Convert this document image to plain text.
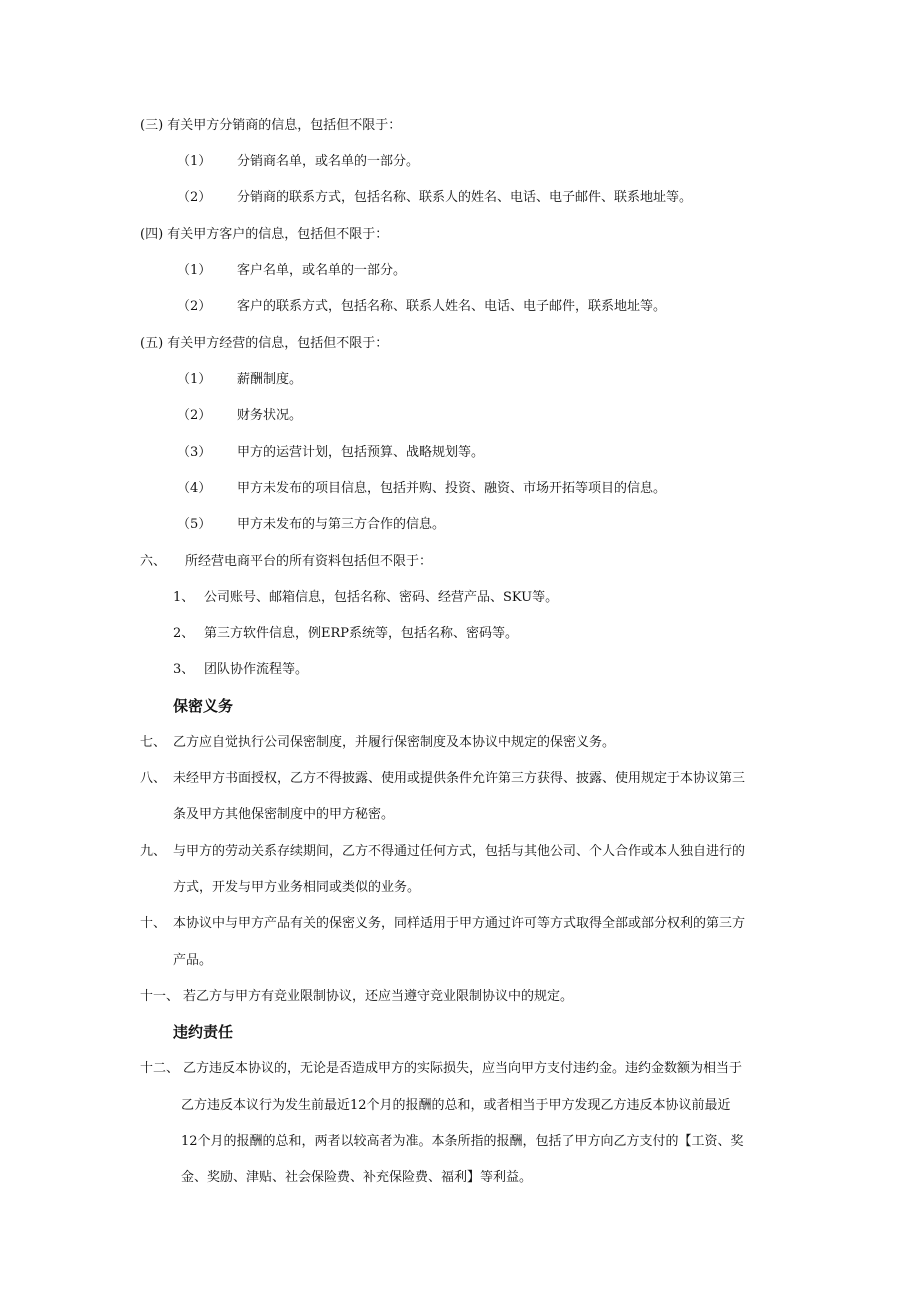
(三) 有关甲方分销商的信息，包括但不限于：
（1） 分销商名单，或名单的一部分。
（2） 分销商的联系方式，包括名称、联系人的姓名、电话、电子邮件、联系地址等。
(四) 有关甲方客户的信息，包括但不限于：
（1） 客户名单，或名单的一部分。
（2） 客户的联系方式，包括名称、联系人姓名、电话、电子邮件，联系地址等。
(五) 有关甲方经营的信息，包括但不限于：
（1） 薪酬制度。
（2） 财务状况。
（3） 甲方的运营计划，包括预算、战略规划等。
（4） 甲方未发布的项目信息，包括并购、投资、融资、市场开拓等项目的信息。
（5） 甲方未发布的与第三方合作的信息。
六、 所经营电商平台的所有资料包括但不限于：
1、 公司账号、邮箱信息，包括名称、密码、经营产品、SKU等。
2、 第三方软件信息，例ERP系统等，包括名称、密码等。
3、 团队协作流程等。
保密义务
七、 乙方应自觉执行公司保密制度，并履行保密制度及本协议中规定的保密义务。
八、 未经甲方书面授权，乙方不得披露、使用或提供条件允许第三方获得、披露、使用规定于本协议第三
条及甲方其他保密制度中的甲方秘密。
九、 与甲方的劳动关系存续期间，乙方不得通过任何方式，包括与其他公司、个人合作或本人独自进行的
方式，开发与甲方业务相同或类似的业务。
十、 本协议中与甲方产品有关的保密义务，同样适用于甲方通过许可等方式取得全部或部分权利的第三方
产品。
十一、 若乙方与甲方有竞业限制协议，还应当遵守竞业限制协议中的规定。
违约责任
十二、 乙方违反本协议的，无论是否造成甲方的实际损失，应当向甲方支付违约金。违约金数额为相当于
乙方违反本议行为发生前最近12个月的报酬的总和，或者相当于甲方发现乙方违反本协议前最近
12个月的报酬的总和，两者以较高者为准。本条所指的报酬，包括了甲方向乙方支付的【工资、奖
金、奖励、津贴、社会保险费、补充保险费、福利】等利益。
